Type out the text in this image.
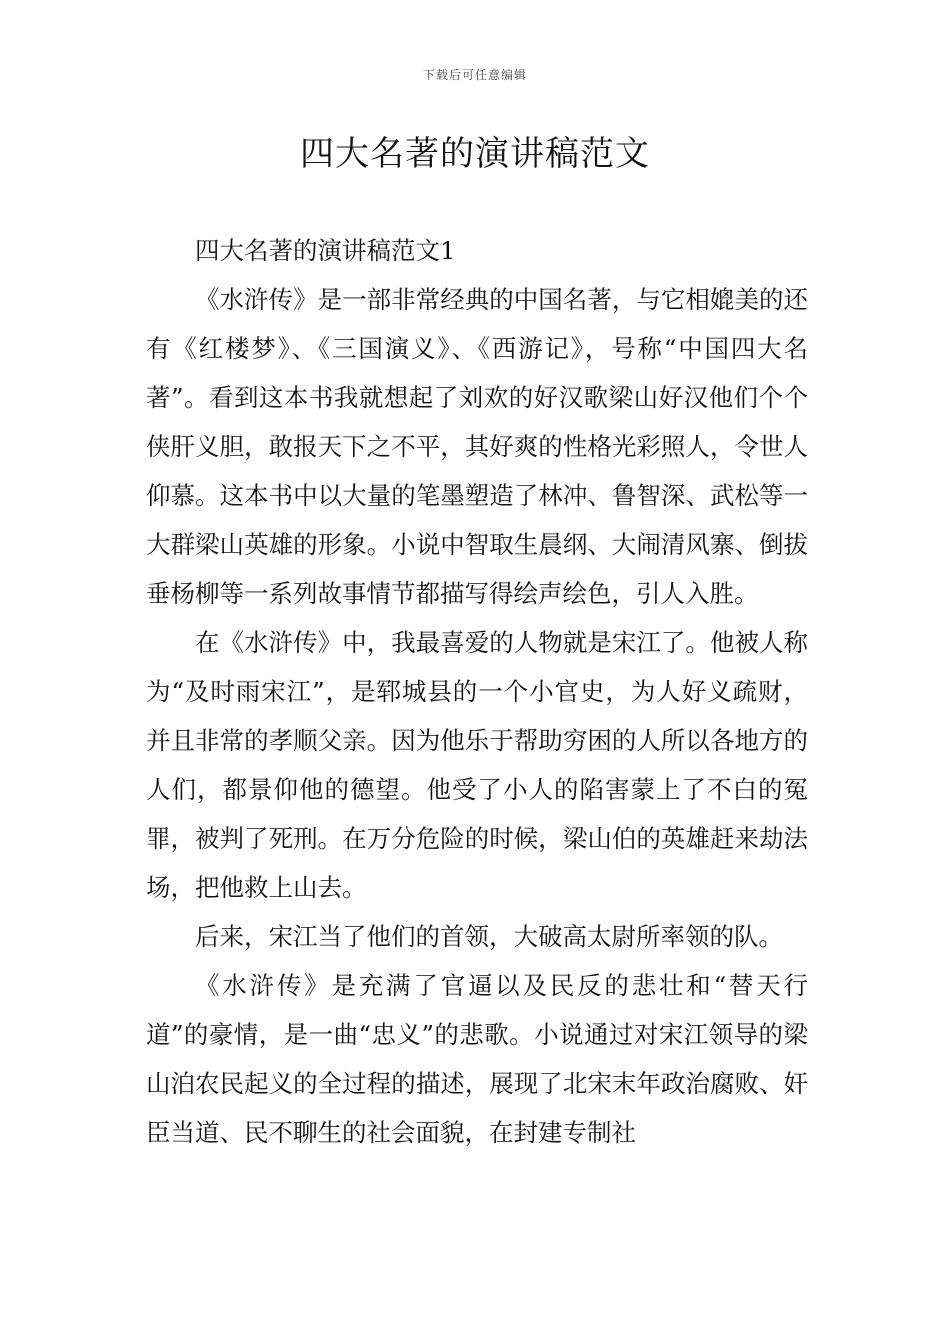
下载后可任意编辑
四大名著的演讲稿范文

四大名著的演讲稿范文1

《水浒传》是一部非常经典的中国名著，与它相媲美的还有《红楼梦》、《三国演义》、《西游记》，号称“中国四大名著”。看到这本书我就想起了刘欢的好汉歌梁山好汉他们个个侠肝义胆，敢报天下之不平，其好爽的性格光彩照人，令世人仰慕。这本书中以大量的笔墨塑造了林冲、鲁智深、武松等一大群梁山英雄的形象。小说中智取生晨纲、大闹清风寨、倒拔垂杨柳等一系列故事情节都描写得绘声绘色，引人入胜。

在《水浒传》中，我最喜爱的人物就是宋江了。他被人称为“及时雨宋江”，是郓城县的一个小官史，为人好义疏财，并且非常的孝顺父亲。因为他乐于帮助穷困的人所以各地方的人们，都景仰他的德望。他受了小人的陷害蒙上了不白的冤罪，被判了死刑。在万分危险的时候，梁山伯的英雄赶来劫法场，把他救上山去。

后来，宋江当了他们的首领，大破高太尉所率领的队。

《水浒传》是充满了官逼以及民反的悲壮和“替天行道”的豪情，是一曲“忠义”的悲歌。小说通过对宋江领导的梁山泊农民起义的全过程的描述，展现了北宋末年政治腐败、奸臣当道、民不聊生的社会面貌，在封建专制社
